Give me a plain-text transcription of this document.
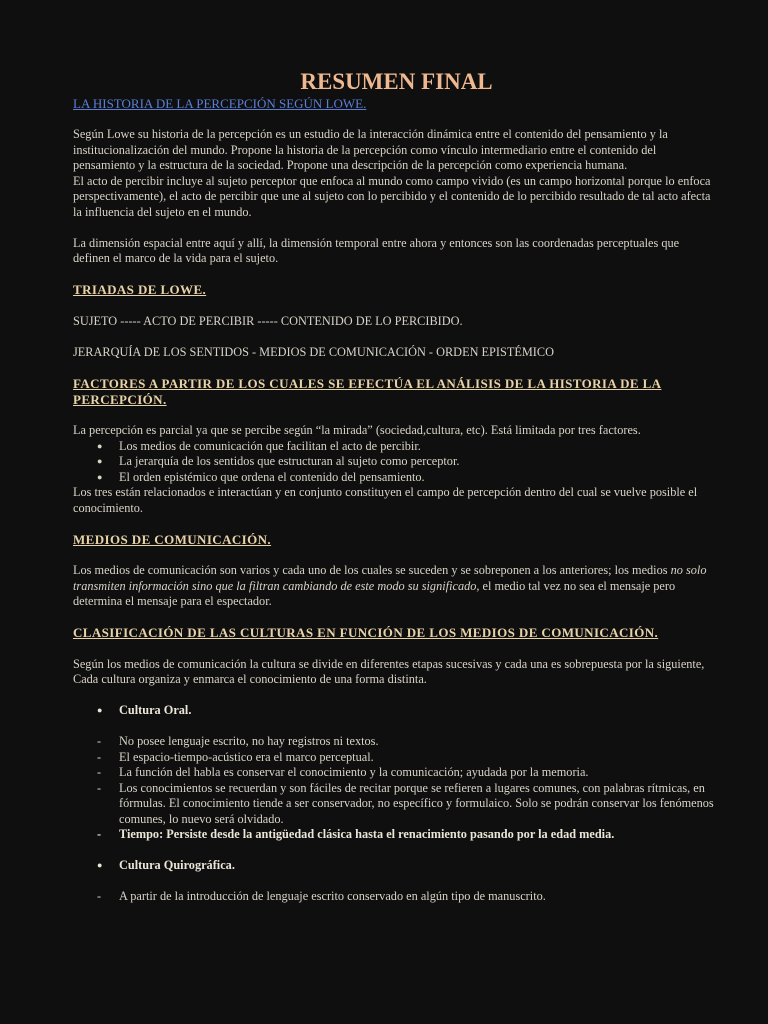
RESUMEN FINAL

LA HISTORIA DE LA PERCEPCIÓN SEGÚN LOWE.

Según Lowe su historia de la percepción es un estudio de la interacción dinámica entre el contenido del pensamiento y la institucionalización del mundo. Propone la historia de la percepción como vínculo intermediario entre el contenido del pensamiento y la estructura de la sociedad. Propone una descripción de la percepción como experiencia humana.

El acto de percibir incluye al sujeto perceptor que enfoca al mundo como campo vivido (es un campo horizontal porque lo enfoca perspectivamente), el acto de percibir que une al sujeto con lo percibido y el contenido de lo percibido resultado de tal acto afecta la influencia del sujeto en el mundo.

La dimensión espacial entre aquí y allí, la dimensión temporal entre ahora y entonces son las coordenadas perceptuales que definen el marco de la vida para el sujeto.

TRIADAS DE LOWE.

SUJETO ----- ACTO DE PERCIBIR ----- CONTENIDO DE LO PERCIBIDO.

JERARQUÍA DE LOS SENTIDOS - MEDIOS DE COMUNICACIÓN - ORDEN EPISTÉMICO

FACTORES A PARTIR DE LOS CUALES SE EFECTÚA EL ANÁLISIS DE LA HISTORIA DE LA PERCEPCIÓN.

La percepción es parcial ya que se percibe según “la mirada” (sociedad,cultura, etc). Está limitada por tres factores.

● Los medios de comunicación que facilitan el acto de percibir.
● La jerarquía de los sentidos que estructuran al sujeto como perceptor.
● El orden epistémico que ordena el contenido del pensamiento.

Los tres están relacionados e interactúan y en conjunto constituyen el campo de percepción dentro del cual se vuelve posible el conocimiento.

MEDIOS DE COMUNICACIÓN.

Los medios de comunicación son varios y cada uno de los cuales se suceden y se sobreponen a los anteriores; los medios no solo transmiten información sino que la filtran cambiando de este modo su significado, el medio tal vez no sea el mensaje pero determina el mensaje para el espectador.

CLASIFICACIÓN DE LAS CULTURAS EN FUNCIÓN DE LOS MEDIOS DE COMUNICACIÓN.

Según los medios de comunicación la cultura se divide en diferentes etapas sucesivas y cada una es sobrepuesta por la siguiente, Cada cultura organiza y enmarca el conocimiento de una forma distinta.

● Cultura Oral.
- No posee lenguaje escrito, no hay registros ni textos.
- El espacio-tiempo-acústico era el marco perceptual.
- La función del habla es conservar el conocimiento y la comunicación; ayudada por la memoria.
- Los conocimientos se recuerdan y son fáciles de recitar porque se refieren a lugares comunes, con palabras rítmicas, en fórmulas. El conocimiento tiende a ser conservador, no específico y formulaico. Solo se podrán conservar los fenómenos comunes, lo nuevo será olvidado.
- Tiempo: Persiste desde la antigüedad clásica hasta el renacimiento pasando por la edad media.
● Cultura Quirográfica.
- A partir de la introducción de lenguaje escrito conservado en algún tipo de manuscrito.
